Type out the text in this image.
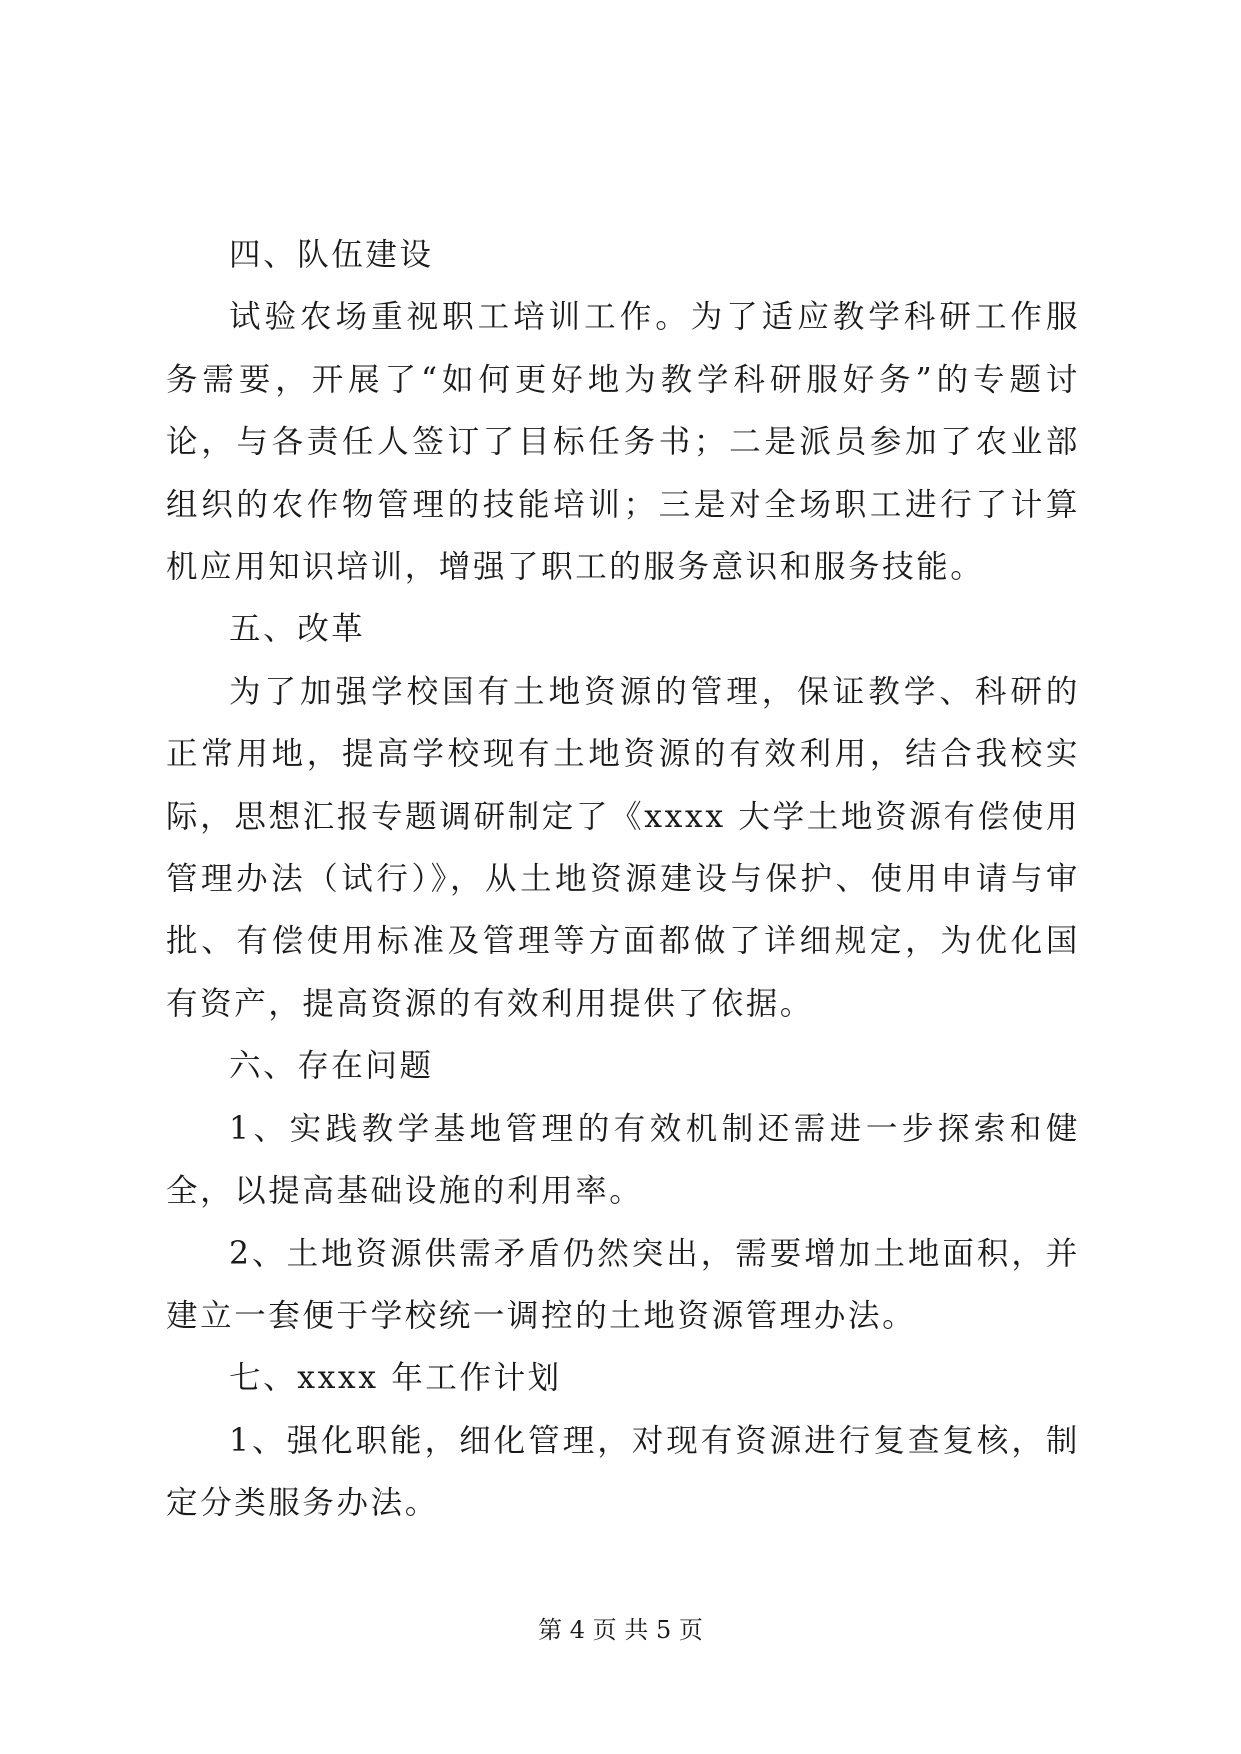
四、队伍建设

试验农场重视职工培训工作。为了适应教学科研工作服务需要，开展了“如何更好地为教学科研服好务”的专题讨论，与各责任人签订了目标任务书；二是派员参加了农业部组织的农作物管理的技能培训；三是对全场职工进行了计算机应用知识培训，增强了职工的服务意识和服务技能。

五、改革

为了加强学校国有土地资源的管理，保证教学、科研的正常用地，提高学校现有土地资源的有效利用，结合我校实际，思想汇报专题调研制定了《xxxx 大学土地资源有偿使用管理办法（试行）》，从土地资源建设与保护、使用申请与审批、有偿使用标准及管理等方面都做了详细规定，为优化国有资产，提高资源的有效利用提供了依据。

六、存在问题

1、实践教学基地管理的有效机制还需进一步探索和健全，以提高基础设施的利用率。

2、土地资源供需矛盾仍然突出，需要增加土地面积，并建立一套便于学校统一调控的土地资源管理办法。

七、xxxx 年工作计划

1、强化职能，细化管理，对现有资源进行复查复核，制定分类服务办法。

第 4 页 共 5 页
